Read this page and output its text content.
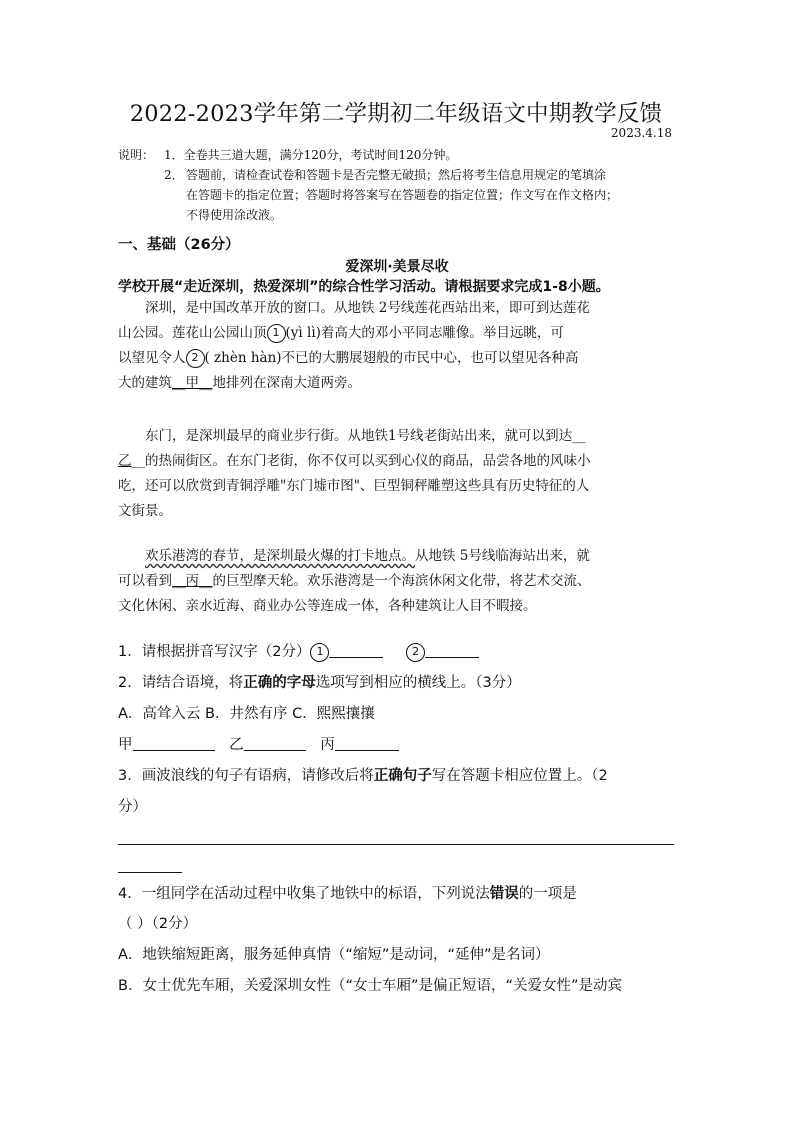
2022-2023学年第二学期初二年级语文中期教学反馈
2023.4.18
说明： 1．全卷共三道大题，满分120分，考试时间120分钟。
2． 答题前，请检查试卷和答题卡是否完整无破损；然后将考生信息用规定的笔填涂
在答题卡的指定位置；答题时将答案写在答题卷的指定位置；作文写在作文格内；
不得使用涂改液。
一、基础（26分）
爱深圳·美景尽收
学校开展“走近深圳，热爱深圳”的综合性学习活动。请根据要求完成1-8小题。
深圳，是中国改革开放的窗口。从地铁 2号线莲花西站出来，即可到达莲花
山公园。莲花山公园山顶 1 (yì lì)着高大的邓小平同志雕像。举目远眺，可
以望见令人 2 ( zhèn hàn)不已的大鹏展翅般的市民中心，也可以望见各种高
大的建筑__甲__地排列在深南大道两旁。
东门，是深圳最早的商业步行街。从地铁1号线老街站出来，就可以到达__
乙__的热闹街区。在东门老街，你不仅可以买到心仪的商品，品尝各地的风味小
吃，还可以欣赏到青铜浮雕"东门墟市图"、巨型铜秤雕塑这些具有历史特征的人
文街景。
欢乐港湾的春节，是深圳最火爆的打卡地点。从地铁 5号线临海站出来，就
可以看到__丙__的巨型摩天轮。欢乐港湾是一个海滨休闲文化带，将艺术交流、
文化休闲、亲水近海、商业办公等连成一体，各种建筑让人目不暇接。
1．请根据拼音写汉字（2分） 1	2
2．请结合语境，将正确的字母选项写到相应的横线上。（3分）
A．高耸入云 B．井然有序 C．熙熙攘攘
甲	乙	丙
3．画波浪线的句子有语病，请修改后将正确句子写在答题卡相应位置上。（2
分）
4．一组同学在活动过程中收集了地铁中的标语，下列说法错误的一项是
（ ）（2分）
A．地铁缩短距离，服务延伸真情（“缩短”是动词，“延伸”是名词）
B．女士优先车厢，关爱深圳女性（“女士车厢”是偏正短语，“关爱女性”是动宾
